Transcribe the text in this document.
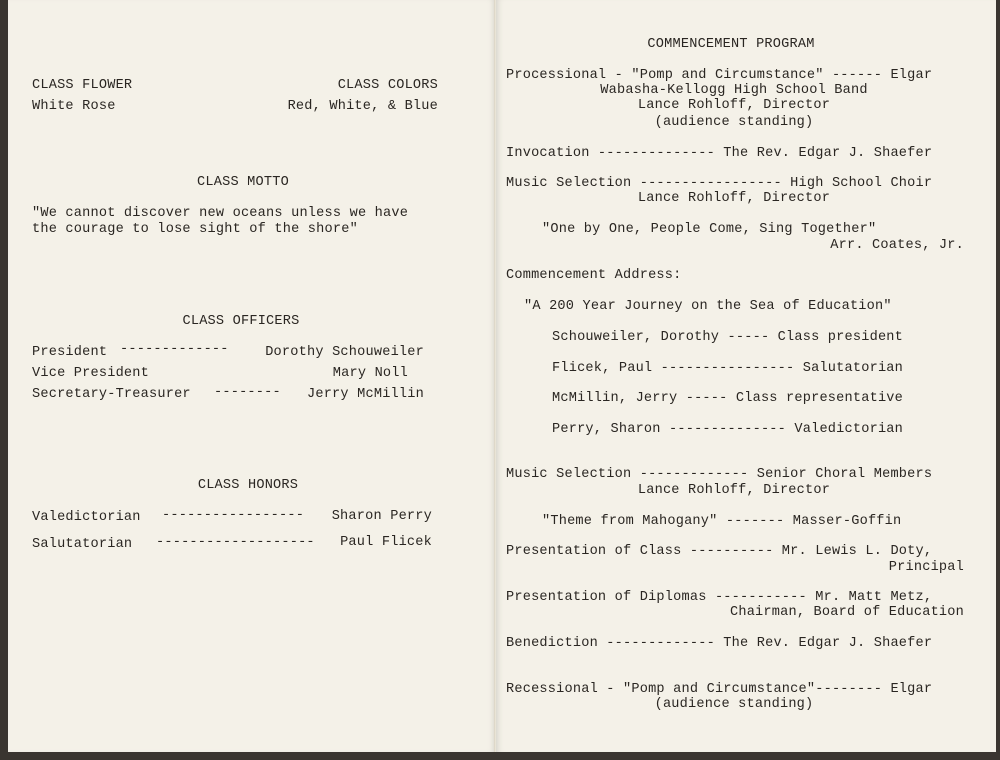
CLASS FLOWER
White Rose
CLASS COLORS
Red, White, & Blue
CLASS MOTTO
"We cannot discover new oceans unless we have
the courage to lose sight of the shore"
CLASS OFFICERS
President -------------	Dorothy Schouweiler
Vice President	Mary Noll
Secretary-Treasurer -------- Jerry McMillin
CLASS HONORS
Valedictorian ----------------- Sharon Perry
Salutatorian ------------------- Paul Flicek
COMMENCEMENT PROGRAM
Processional - "Pomp and Circumstance" ------ Elgar
Wabasha-Kellogg High School Band
Lance Rohloff, Director
(audience standing)
Invocation -------------- The Rev. Edgar J. Shaefer
Music Selection ----------------- High School Choir
Lance Rohloff, Director
"One by One, People Come, Sing Together"
Arr. Coates, Jr.
Commencement Address:
"A 200 Year Journey on the Sea of Education"
Schouweiler, Dorothy ----- Class president
Flicek, Paul ---------------- Salutatorian
McMillin, Jerry ----- Class representative
Perry, Sharon -------------- Valedictorian
Music Selection ------------- Senior Choral Members
Lance Rohloff, Director
"Theme from Mahogany" ------- Masser-Goffin
Presentation of Class ---------- Mr. Lewis L. Doty,
Principal
Presentation of Diplomas ----------- Mr. Matt Metz,
Chairman, Board of Education
Benediction ------------- The Rev. Edgar J. Shaefer
Recessional - "Pomp and Circumstance"-------- Elgar
(audience standing)
